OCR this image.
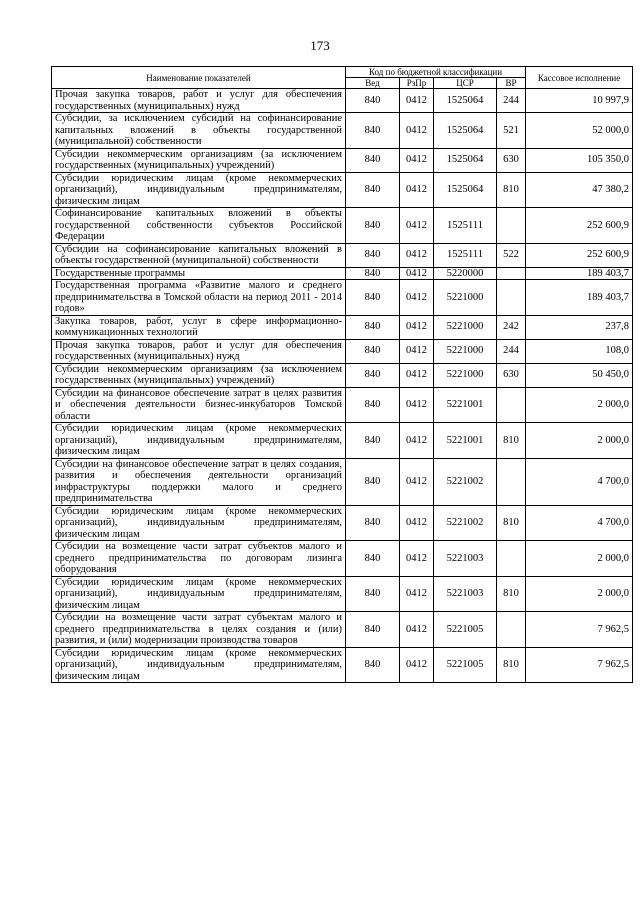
173
Наименование показателей	Код по бюджетной классификации				Кассовое исполнение
	Вед	РзПр	ЦСР	ВР	
Прочая закупка товаров, работ и услуг для обеспечения государственных (муниципальных) нужд	840	0412	1525064	244	10 997,9
Субсидии, за исключением субсидий на софинансирование капитальных вложений в объекты государственной (муниципальной) собственности	840	0412	1525064	521	52 000,0
Субсидии некоммерческим организациям (за исключением государственных (муниципальных) учреждений)	840	0412	1525064	630	105 350,0
Субсидии юридическим лицам (кроме некоммерческих организаций), индивидуальным предпринимателям, физическим лицам	840	0412	1525064	810	47 380,2
Софинансирование капитальных вложений в объекты государственной собственности субъектов Российской Федерации	840	0412	1525111		252 600,9
Субсидии на софинансирование капитальных вложений в объекты государственной (муниципальной) собственности	840	0412	1525111	522	252 600,9
Государственные программы	840	0412	5220000		189 403,7
Государственная программа «Развитие малого и среднего предпринимательства в Томской области на период 2011 - 2014 годов»	840	0412	5221000		189 403,7
Закупка товаров, работ, услуг в сфере информационно-коммуникационных технологий	840	0412	5221000	242	237,8
Прочая закупка товаров, работ и услуг для обеспечения государственных (муниципальных) нужд	840	0412	5221000	244	108,0
Субсидии некоммерческим организациям (за исключением государственных (муниципальных) учреждений)	840	0412	5221000	630	50 450,0
Субсидии на финансовое обеспечение затрат в целях развития и обеспечения деятельности бизнес-инкубаторов Томской области	840	0412	5221001		2 000,0
Субсидии юридическим лицам (кроме некоммерческих организаций), индивидуальным предпринимателям, физическим лицам	840	0412	5221001	810	2 000,0
Субсидии на финансовое обеспечение затрат в целях создания, развития и обеспечения деятельности организаций инфраструктуры поддержки малого и среднего предпринимательства	840	0412	5221002		4 700,0
Субсидии юридическим лицам (кроме некоммерческих организаций), индивидуальным предпринимателям, физическим лицам	840	0412	5221002	810	4 700,0
Субсидии на возмещение части затрат субъектов малого и среднего предпринимательства по договорам лизинга оборудования	840	0412	5221003		2 000,0
Субсидии юридическим лицам (кроме некоммерческих организаций), индивидуальным предпринимателям, физическим лицам	840	0412	5221003	810	2 000,0
Субсидии на возмещение части затрат субъектам малого и среднего предпринимательства в целях создания и (или) развития, и (или) модернизации производства товаров	840	0412	5221005		7 962,5
Субсидии юридическим лицам (кроме некоммерческих организаций), индивидуальным предпринимателям, физическим лицам	840	0412	5221005	810	7 962,5
